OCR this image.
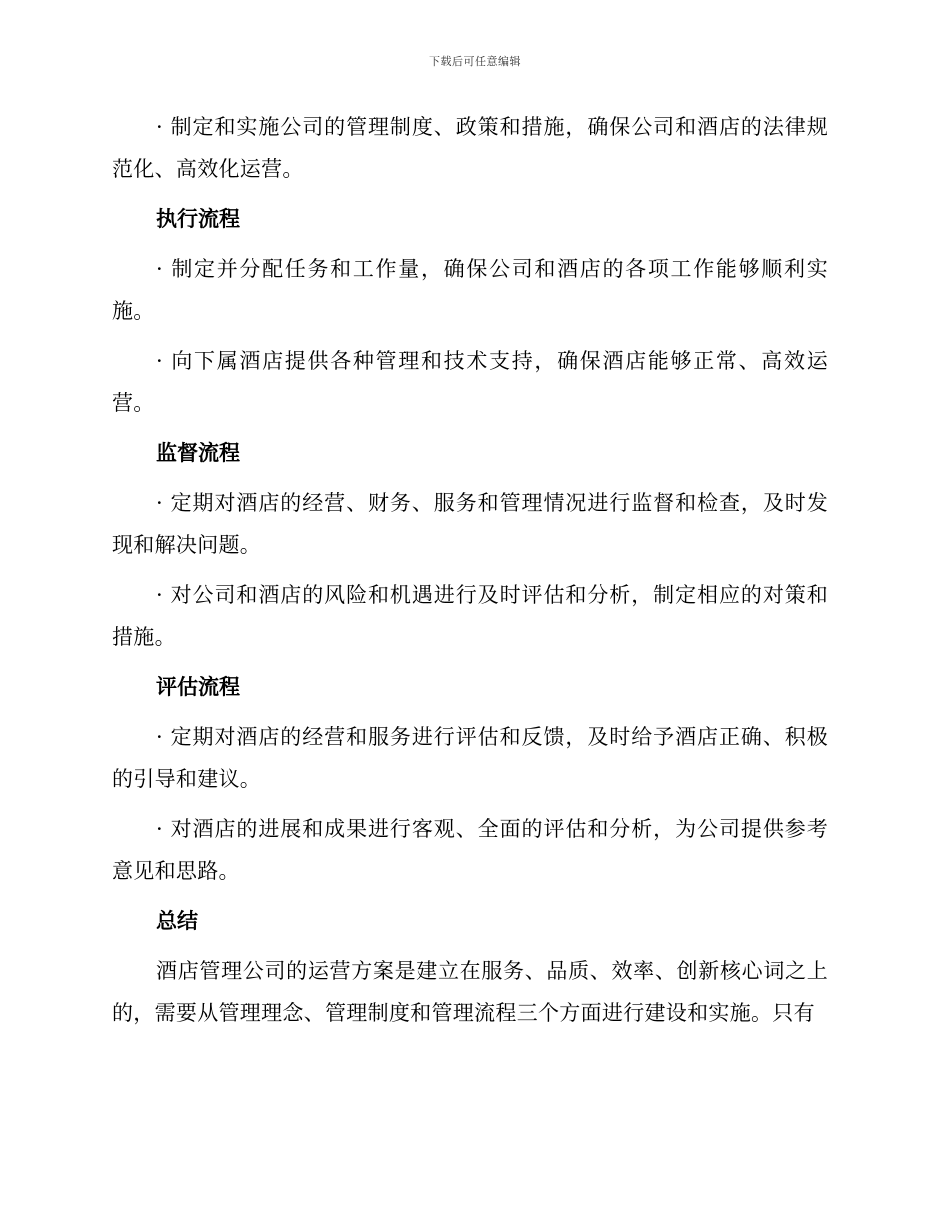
下载后可任意编辑

· 制定和实施公司的管理制度、政策和措施，确保公司和酒店的法律规范化、高效化运营。

执行流程

· 制定并分配任务和工作量，确保公司和酒店的各项工作能够顺利实施。

· 向下属酒店提供各种管理和技术支持，确保酒店能够正常、高效运营。

监督流程

· 定期对酒店的经营、财务、服务和管理情况进行监督和检查，及时发现和解决问题。

· 对公司和酒店的风险和机遇进行及时评估和分析，制定相应的对策和措施。

评估流程

· 定期对酒店的经营和服务进行评估和反馈，及时给予酒店正确、积极的引导和建议。

· 对酒店的进展和成果进行客观、全面的评估和分析，为公司提供参考意见和思路。

总结

酒店管理公司的运营方案是建立在服务、品质、效率、创新核心词之上的，需要从管理理念、管理制度和管理流程三个方面进行建设和实施。只有
